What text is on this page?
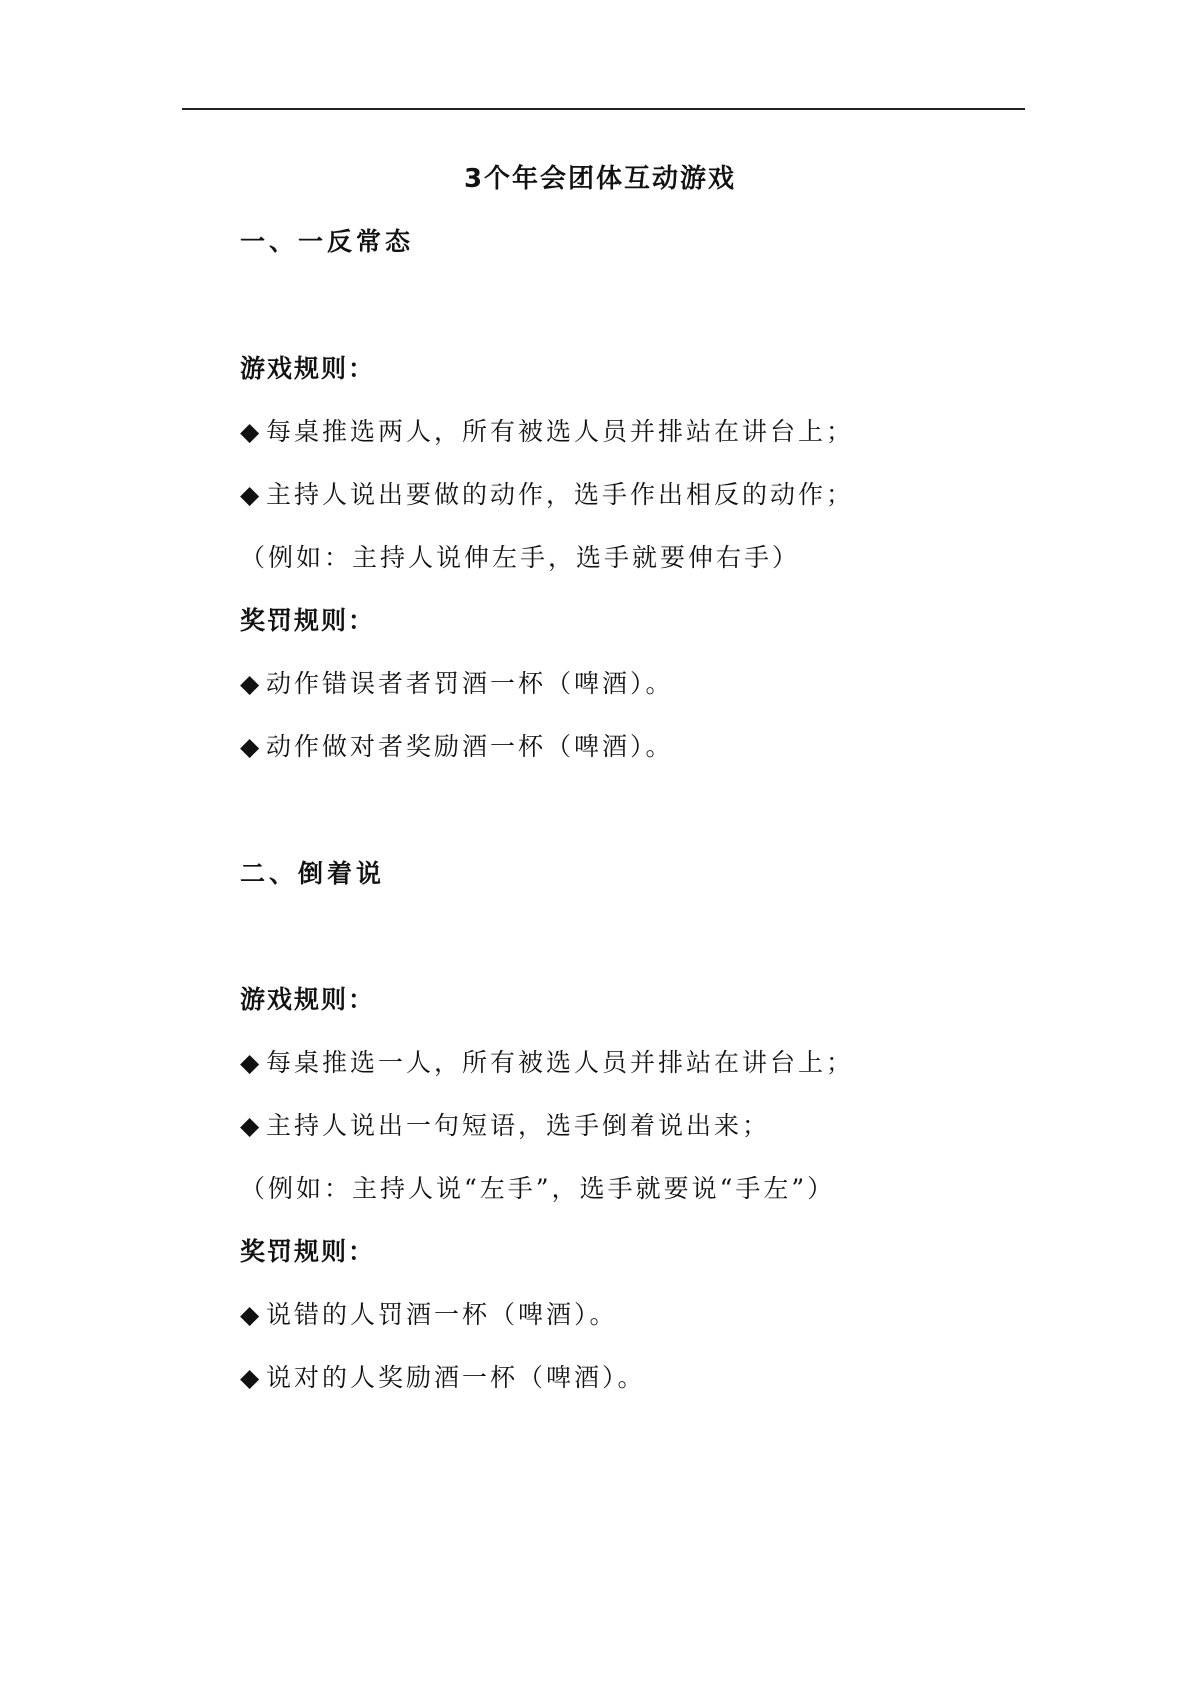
3个年会团体互动游戏
一、一反常态
游戏规则：
◆ 每桌推选两人，所有被选人员并排站在讲台上；
◆ 主持人说出要做的动作，选手作出相反的动作；
（例如：主持人说伸左手，选手就要伸右手）
奖罚规则：
◆ 动作错误者者罚酒一杯（啤酒）。
◆ 动作做对者奖励酒一杯（啤酒）。
二、倒着说
游戏规则：
◆ 每桌推选一人，所有被选人员并排站在讲台上；
◆ 主持人说出一句短语，选手倒着说出来；
（例如：主持人说“左手”，选手就要说“手左”）
奖罚规则：
◆ 说错的人罚酒一杯（啤酒）。
◆ 说对的人奖励酒一杯（啤酒）。
